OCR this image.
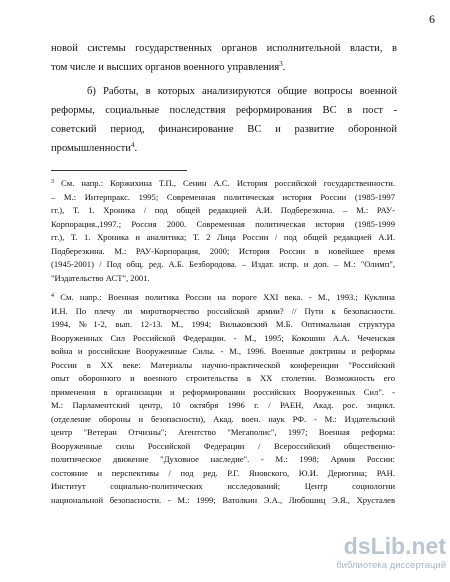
6
новой системы государственных органов исполнительной власти, в
том числе и высших органов военного управления$^3$.
б) Работы, в которых анализируются общие вопросы военной
реформы, социальные последствия реформирования ВС в пост -
советский период, финансирование ВС и развитие оборонной
промышленности$^4$.
$^3$ См. напр.: Коржихина Т.П., Сенин А.С. История российской государственности.
– М.: Интерпракс. 1995; Современная политическая история России (1985-1997
гг.), Т. 1. Хроника / под общей редакцией А.И. Подберезкина. – М.: РАУ-
Корпорация.,1997.; Россия 2000. Современная политическая история (1985-1999
гг.), Т. 1. Хроника и аналитика; Т. 2 Лица России / под общей редакцией А.И.
Подберезкина. М.: РАУ-Корпорация, 2000; История России в новейшее время
(1945-2001) / Под общ. ред. А.Б. Безбородова. – Издат. испр. и доп. – М.: "Олимп",
"Издательство АСТ", 2001.
$^4$ См. напр.: Военная политика России на пороге XXI века. - М., 1993.; Куклина
И.Н. По плечу ли миротворчество российской армии? // Пути к безопасности.
1994, №1-2, вып. 12-13. М., 1994; Вильковский М.Б. Оптимальная структура
Вооруженных Сил Российской Федерации. - М., 1995; Кокошин А.А. Чеченская
война и российские Вооруженные Силы. - М., 1996. Военные доктрины и реформы
России в XX веке: Материалы научно-практической конференции "Российский
опыт оборонного и военного строительства в XX столетии. Возможность его
применения в организации и реформировании российских Вооруженных Сил". -
М.: Парламентский центр, 10 октября 1996 г. / РАЕН, Акад. рос. энцикл.
(отделение обороны и безопасности), Акад. воен. наук РФ. - М.: Издательский
центр "Ветеран Отчизны"; Агентство "Мегаполис", 1997; Военная реформа:
Вооруженные силы Российской Федерации / Всероссийский общественно-
политическое движение "Духовное наследие". - М.: 1998; Армия России:
состояние и перспективы / под ред. Р.Г. Яновского, Ю.И. Дерюгина; РАН.
Институт социально-политических исследований; Центр социологии
национальной безопасности. - М.: 1999; Ватолкин Э.А., Любошиц Э.Я., Хрусталев
dsLib.net
библиотека диссертаций
